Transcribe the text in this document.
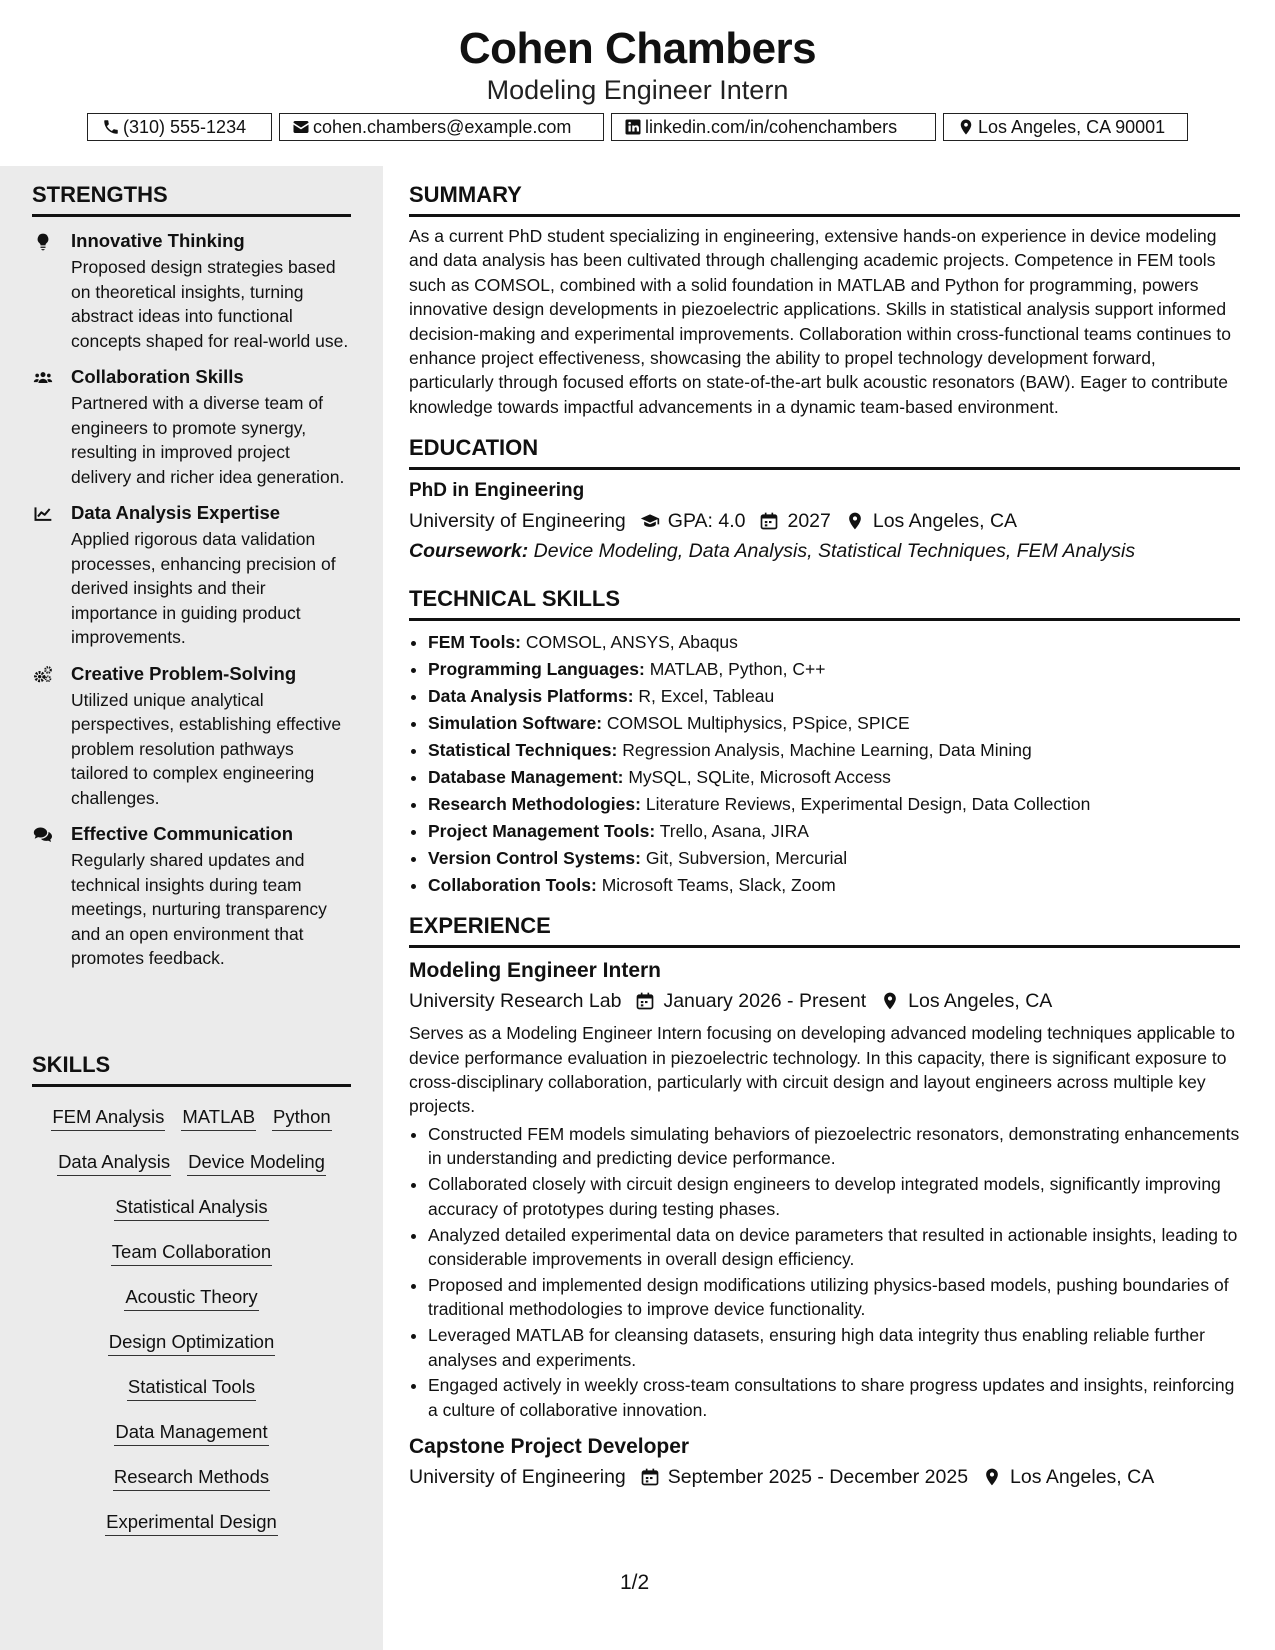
Cohen Chambers
Modeling Engineer Intern
(310) 555-1234	cohen.chambers@example.com	linkedin.com/in/cohenchambers	Los Angeles, CA 90001
STRENGTHS
Innovative Thinking
Proposed design strategies based on theoretical insights, turning abstract ideas into functional concepts shaped for real-world use.
Collaboration Skills
Partnered with a diverse team of engineers to promote synergy, resulting in improved project delivery and richer idea generation.
Data Analysis Expertise
Applied rigorous data validation processes, enhancing precision of derived insights and their importance in guiding product improvements.
Creative Problem-Solving
Utilized unique analytical perspectives, establishing effective problem resolution pathways tailored to complex engineering challenges.
Effective Communication
Regularly shared updates and technical insights during team meetings, nurturing transparency and an open environment that promotes feedback.
SKILLS
FEM Analysis MATLAB Python
Data Analysis Device Modeling
Statistical Analysis
Team Collaboration
Acoustic Theory
Design Optimization
Statistical Tools
Data Management
Research Methods
Experimental Design
SUMMARY
As a current PhD student specializing in engineering, extensive hands-on experience in device modeling and data analysis has been cultivated through challenging academic projects. Competence in FEM tools such as COMSOL, combined with a solid foundation in MATLAB and Python for programming, powers innovative design developments in piezoelectric applications. Skills in statistical analysis support informed decision-making and experimental improvements. Collaboration within cross-functional teams continues to enhance project effectiveness, showcasing the ability to propel technology development forward, particularly through focused efforts on state-of-the-art bulk acoustic resonators (BAW). Eager to contribute knowledge towards impactful advancements in a dynamic team-based environment.
EDUCATION
PhD in Engineering
University of Engineering GPA: 4.0 2027 Los Angeles, CA
Coursework: Device Modeling, Data Analysis, Statistical Techniques, FEM Analysis
TECHNICAL SKILLS
• FEM Tools: COMSOL, ANSYS, Abaqus
• Programming Languages: MATLAB, Python, C++
• Data Analysis Platforms: R, Excel, Tableau
• Simulation Software: COMSOL Multiphysics, PSpice, SPICE
• Statistical Techniques: Regression Analysis, Machine Learning, Data Mining
• Database Management: MySQL, SQLite, Microsoft Access
• Research Methodologies: Literature Reviews, Experimental Design, Data Collection
• Project Management Tools: Trello, Asana, JIRA
• Version Control Systems: Git, Subversion, Mercurial
• Collaboration Tools: Microsoft Teams, Slack, Zoom
EXPERIENCE
Modeling Engineer Intern
University Research Lab January 2026 - Present Los Angeles, CA
Serves as a Modeling Engineer Intern focusing on developing advanced modeling techniques applicable to device performance evaluation in piezoelectric technology. In this capacity, there is significant exposure to cross-disciplinary collaboration, particularly with circuit design and layout engineers across multiple key projects.
• Constructed FEM models simulating behaviors of piezoelectric resonators, demonstrating enhancements in understanding and predicting device performance.
• Collaborated closely with circuit design engineers to develop integrated models, significantly improving accuracy of prototypes during testing phases.
• Analyzed detailed experimental data on device parameters that resulted in actionable insights, leading to considerable improvements in overall design efficiency.
• Proposed and implemented design modifications utilizing physics-based models, pushing boundaries of traditional methodologies to improve device functionality.
• Leveraged MATLAB for cleansing datasets, ensuring high data integrity thus enabling reliable further analyses and experiments.
• Engaged actively in weekly cross-team consultations to share progress updates and insights, reinforcing a culture of collaborative innovation.
Capstone Project Developer
University of Engineering September 2025 - December 2025 Los Angeles, CA
1/2
